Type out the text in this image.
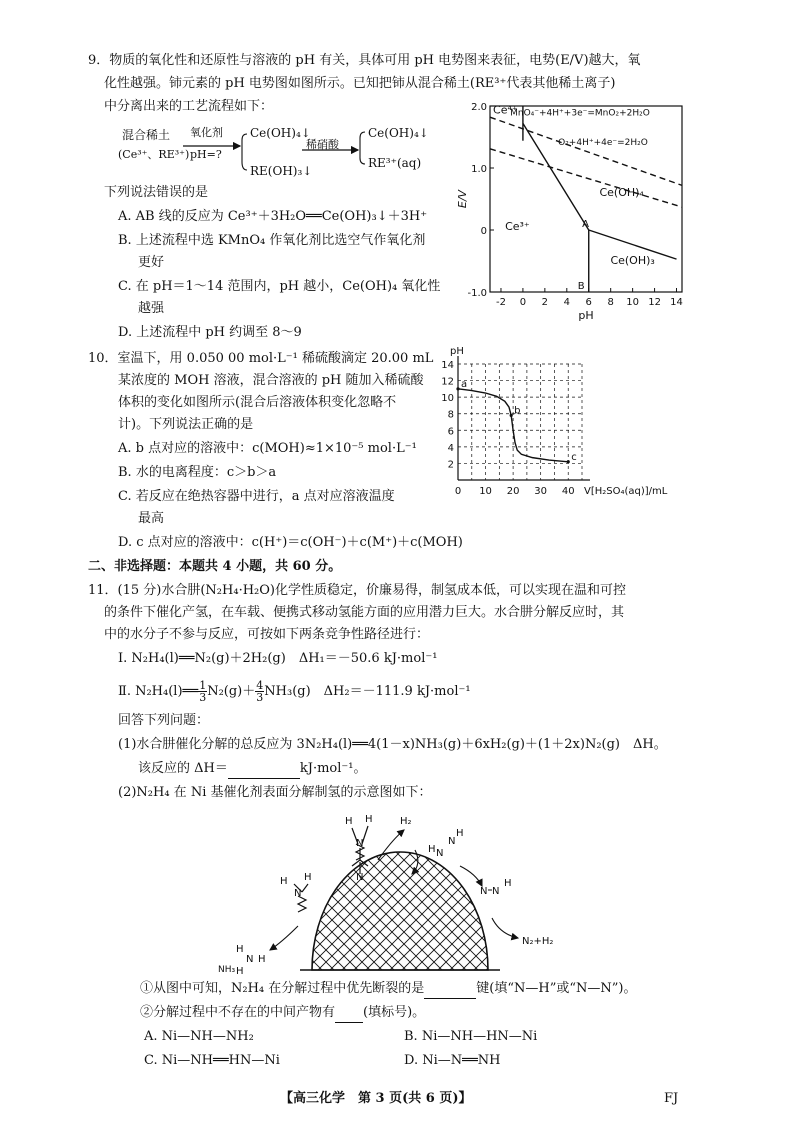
9．物质的氧化性和还原性与溶液的 pH 有关，具体可用 pH 电势图来表征，电势(E/V)越大，氧
化性越强。铈元素的 pH 电势图如图所示。已知把铈从混合稀土(RE³⁺代表其他稀土离子)
中分离出来的工艺流程如下：
混合稀土
(Ce³⁺、RE³⁺)
氧化剂
pH=?
Ce(OH)₄↓
RE(OH)₃↓
稀硝酸
Ce(OH)₄↓
RE³⁺(aq)
下列说法错误的是
A. AB 线的反应为 Ce³⁺＋3H₂O══Ce(OH)₃↓＋3H⁺
B. 上述流程中选 KMnO₄ 作氧化剂比选空气作氧化剂
更好
C. 在 pH＝1～14 范围内，pH 越小，Ce(OH)₄ 氧化性
越强
D. 上述流程中 pH 约调至 8～9
-2 0 2 4 6 8 10 12 14
2.0
1.0
0
-1.0
pH
E/V
Ce⁴⁺
Ce³⁺
Ce(OH)₄
Ce(OH)₃
A
B
MnO₄⁻+4H⁺+3e⁻=MnO₂+2H₂O
O₂+4H⁺+4e⁻=2H₂O
10．室温下，用 0.050 00 mol·L⁻¹ 稀硫酸滴定 20.00 mL
某浓度的 MOH 溶液，混合溶液的 pH 随加入稀硫酸
体积的变化如图所示(混合后溶液体积变化忽略不
计)。下列说法正确的是
A. b 点对应的溶液中：c(MOH)≈1×10⁻⁵ mol·L⁻¹
B. 水的电离程度：c＞b＞a
C. 若反应在绝热容器中进行，a 点对应溶液温度
最高
D. c 点对应的溶液中：c(H⁺)＝c(OH⁻)＋c(M⁺)＋c(MOH)
0 10 20 30 40
2
4
6
8
10
12
14
V[H₂SO₄(aq)]/mL
pH
a
b
c
二、非选择题：本题共 4 小题，共 60 分。
11．(15 分)水合肼(N₂H₄·H₂O)化学性质稳定，价廉易得，制氢成本低，可以实现在温和可控
的条件下催化产氢，在车载、便携式移动氢能方面的应用潜力巨大。水合肼分解反应时，其
中的水分子不参与反应，可按如下两条竞争性路径进行：
Ⅰ. N₂H₄(l)══N₂(g)＋2H₂(g)　ΔH₁＝－50.6 kJ·mol⁻¹
Ⅱ. N₂H₄(l)══ $\frac{1}{3} N_2(g)+ \frac{4}{3} NH_3(g)$　ΔH₂＝－111.9 kJ·mol⁻¹
回答下列问题：
(1)水合肼催化分解的总反应为 3N₂H₄(l)══4(1－x)NH₃(g)＋6xH₂(g)＋(1＋2x)N₂(g)　ΔH。
该反应的 ΔH＝	kJ·mol⁻¹。
(2)N₂H₄ 在 Ni 基催化剂表面分解制氢的示意图如下：
H H
N
N
H₂
H N
N
H
N N
H
N₂+H₂
H H
N
H
N
H
H
NH₃
①从图中可知，N₂H₄ 在分解过程中优先断裂的是	键(填“N—H”或“N—N”)。
②分解过程中不存在的中间产物有 (填标号)。
A. Ni—NH—NH₂	B. Ni—NH—HN—Ni
C. Ni—NH══HN—Ni	D. Ni—N══NH
【高三化学　第 3 页(共 6 页)】	FJ
